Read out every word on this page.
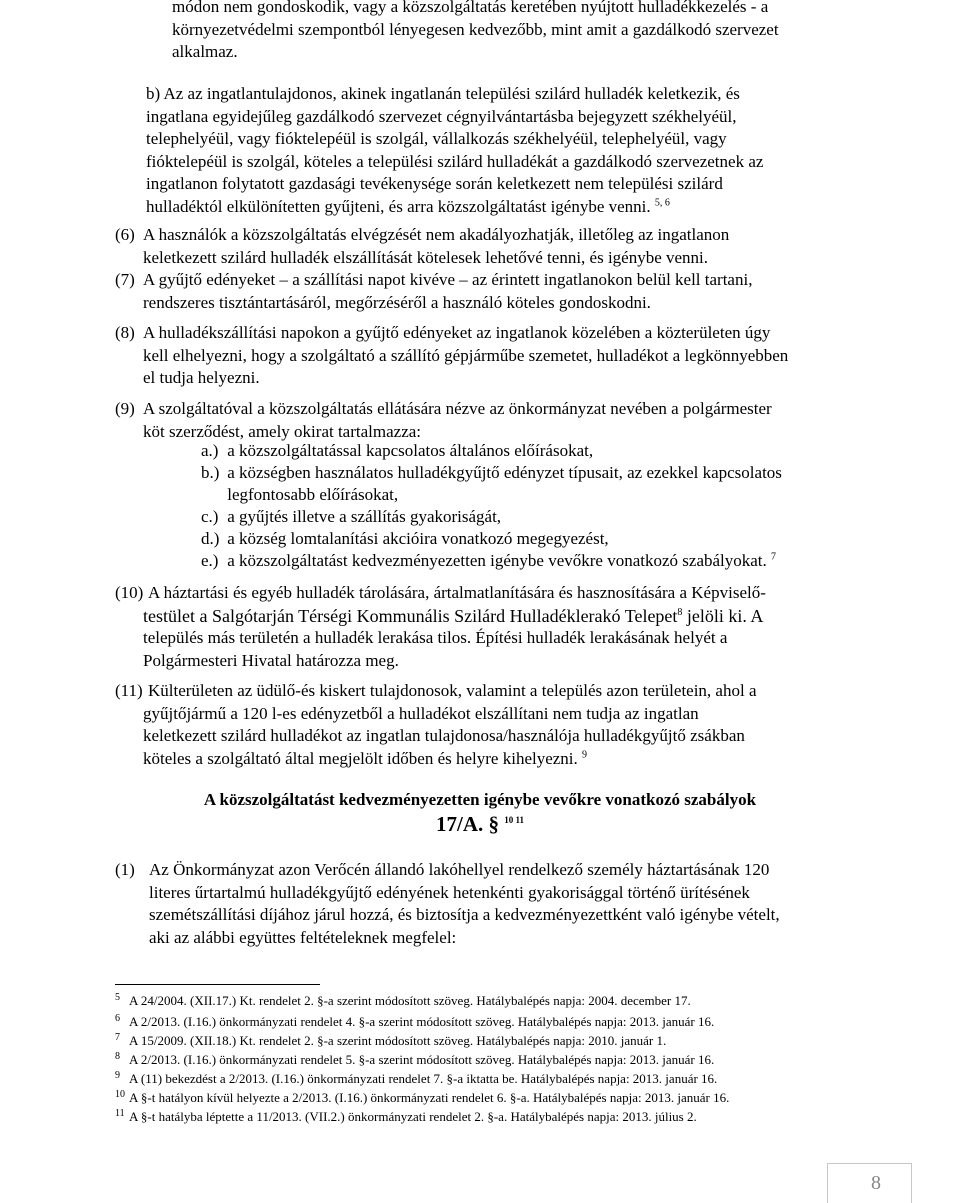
módon nem gondoskodik, vagy a közszolgáltatás keretében nyújtott hulladékkezelés - a
környezetvédelmi szempontból lényegesen kedvezőbb, mint amit a gazdálkodó szervezet
alkalmaz.
b) Az az ingatlantulajdonos, akinek ingatlanán települési szilárd hulladék keletkezik, és
ingatlana egyidejűleg gazdálkodó szervezet cégnyilvántartásba bejegyzett székhelyéül,
telephelyéül, vagy fióktelepéül is szolgál, vállalkozás székhelyéül, telephelyéül, vagy
fióktelepéül is szolgál, köteles a települési szilárd hulladékát a gazdálkodó szervezetnek az
ingatlanon folytatott gazdasági tevékenysége során keletkezett nem települési szilárd
hulladéktól elkülönítetten gyűjteni, és arra közszolgáltatást igénybe venni. $^{5, 6}$
(6) A használók a közszolgáltatás elvégzését nem akadályozhatják, illetőleg az ingatlanon
keletkezett szilárd hulladék elszállítását kötelesek lehetővé tenni, és igénybe venni.
(7) A gyűjtő edényeket – a szállítási napot kivéve – az érintett ingatlanokon belül kell tartani,
rendszeres tisztántartásáról, megőrzéséről a használó köteles gondoskodni.
(8) A hulladékszállítási napokon a gyűjtő edényeket az ingatlanok közelében a közterületen úgy
kell elhelyezni, hogy a szolgáltató a szállító gépjárműbe szemetet, hulladékot a legkönnyebben
el tudja helyezni.
(9) A szolgáltatóval a közszolgáltatás ellátására nézve az önkormányzat nevében a polgármester
köt szerződést, amely okirat tartalmazza:
a.) a közszolgáltatással kapcsolatos általános előírásokat,
b.) a községben használatos hulladékgyűjtő edényzet típusait, az ezekkel kapcsolatos
legfontosabb előírásokat,
c.) a gyűjtés illetve a szállítás gyakoriságát,
d.) a község lomtalanítási akcióira vonatkozó megegyezést,
e.) a közszolgáltatást kedvezményezetten igénybe vevőkre vonatkozó szabályokat. $^7$
(10) A háztartási és egyéb hulladék tárolására, ártalmatlanítására és hasznosítására a Képviselő-
testület a Salgótarján Térségi Kommunális Szilárd Hulladéklerakó Telepet$^8$ jelöli ki. A
település más területén a hulladék lerakása tilos. Építési hulladék lerakásának helyét a
Polgármesteri Hivatal határozza meg.
(11) Külterületen az üdülő-és kiskert tulajdonosok, valamint a település azon területein, ahol a
gyűjtőjármű a 120 l-es edényzetből a hulladékot elszállítani nem tudja az ingatlan
keletkezett szilárd hulladékot az ingatlan tulajdonosa/használója hulladékgyűjtő zsákban
köteles a szolgáltató által megjelölt időben és helyre kihelyezni. $^9$
A közszolgáltatást kedvezményezetten igénybe vevőkre vonatkozó szabályok
17/A. § $^{10 11}$
(1) Az Önkormányzat azon Verőcén állandó lakóhellyel rendelkező személy háztartásának 120
literes űrtartalmú hulladékgyűjtő edényének hetenkénti gyakorisággal történő ürítésének
szemétszállítási díjához járul hozzá, és biztosítja a kedvezményezettként való igénybe vételt,
aki az alábbi együttes feltételeknek megfelel:
5 A 24/2004. (XII.17.) Kt. rendelet 2. §-a szerint módosított szöveg. Hatálybalépés napja: 2004. december 17.
6 A 2/2013. (I.16.) önkormányzati rendelet 4. §-a szerint módosított szöveg. Hatálybalépés napja: 2013. január 16.
7 A 15/2009. (XII.18.) Kt. rendelet 2. §-a szerint módosított szöveg. Hatálybalépés napja: 2010. január 1.
8 A 2/2013. (I.16.) önkormányzati rendelet 5. §-a szerint módosított szöveg. Hatálybalépés napja: 2013. január 16.
9 A (11) bekezdést a 2/2013. (I.16.) önkormányzati rendelet 7. §-a iktatta be. Hatálybalépés napja: 2013. január 16.
10 A §-t hatályon kívül helyezte a 2/2013. (I.16.) önkormányzati rendelet 6. §-a. Hatálybalépés napja: 2013. január 16.
11 A §-t hatályba léptette a 11/2013. (VII.2.) önkormányzati rendelet 2. §-a. Hatálybalépés napja: 2013. július 2.
8
